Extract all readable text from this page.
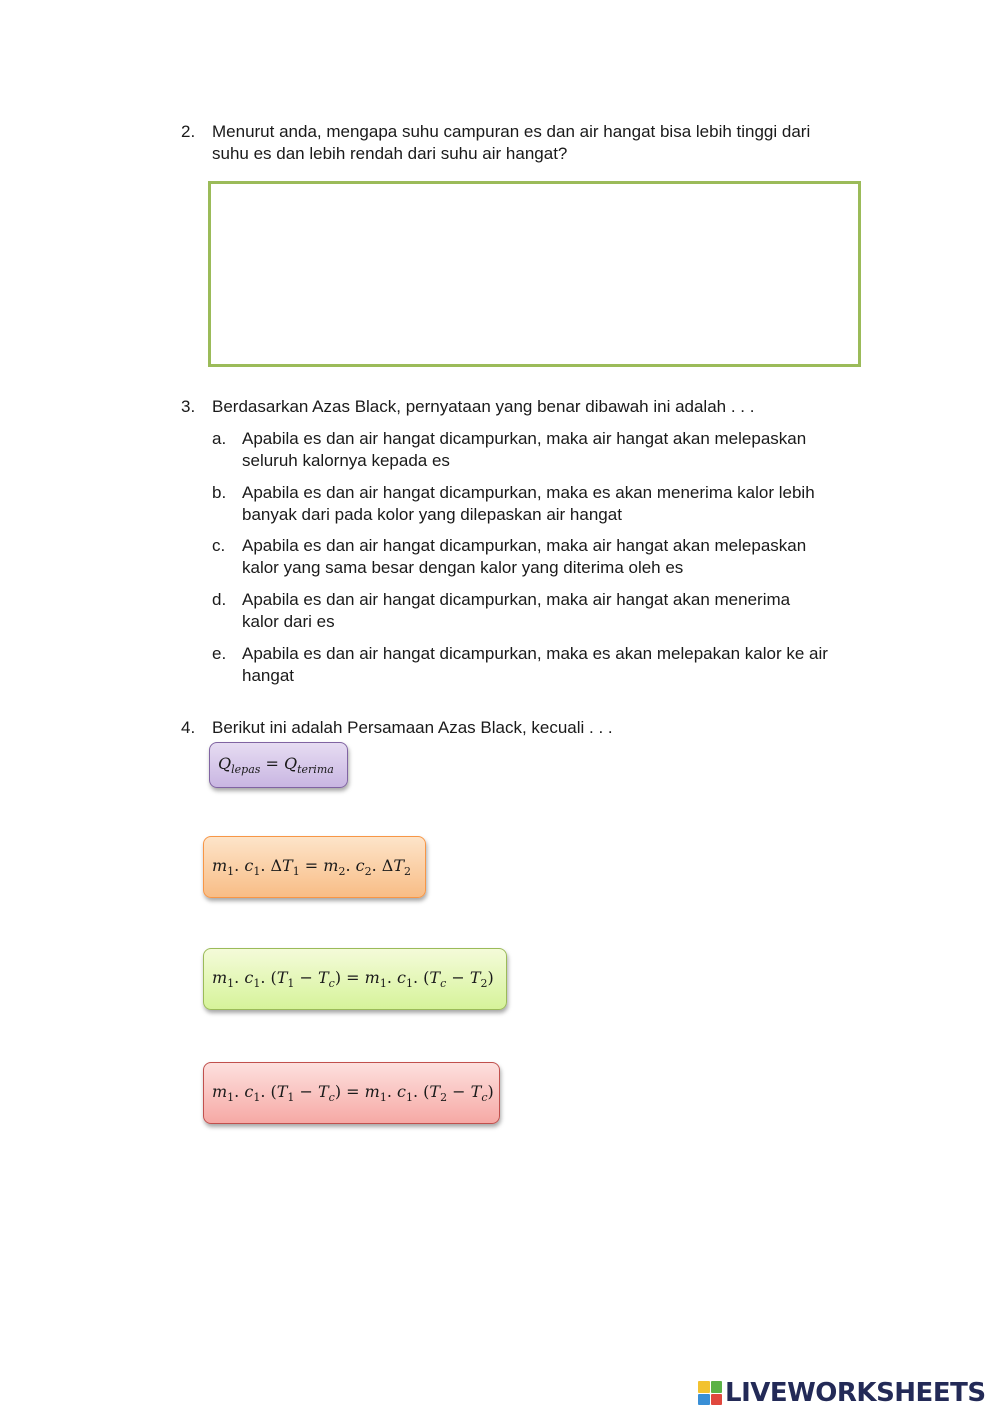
2. Menurut anda, mengapa suhu campuran es dan air hangat bisa lebih tinggi dari
suhu es dan lebih rendah dari suhu air hangat?
3. Berdasarkan Azas Black, pernyataan yang benar dibawah ini adalah . . .
a. Apabila es dan air hangat dicampurkan, maka air hangat akan melepaskan
seluruh kalornya kepada es
b. Apabila es dan air hangat dicampurkan, maka es akan menerima kalor lebih
banyak dari pada kolor yang dilepaskan air hangat
c. Apabila es dan air hangat dicampurkan, maka air hangat akan melepaskan
kalor yang sama besar dengan kalor yang diterima oleh es
d. Apabila es dan air hangat dicampurkan, maka air hangat akan menerima
kalor dari es
e. Apabila es dan air hangat dicampurkan, maka es akan melepakan kalor ke air
hangat
4. Berikut ini adalah Persamaan Azas Black, kecuali . . .
$Q_{lepas} = Q_{terima}$
$m_1$. $c_1$. $\Delta T_1 = m_2$. $c_2$. $\Delta T_2$
$m_1$. $c_1$. $(T_1 - T_c) = m_1$. $c_1$. $(T_c - T_2)$
$m_1$. $c_1$. $(T_1 - T_c) = m_1$. $c_1$. $(T_2 - T_c)$
LIVEWORKSHEETS
